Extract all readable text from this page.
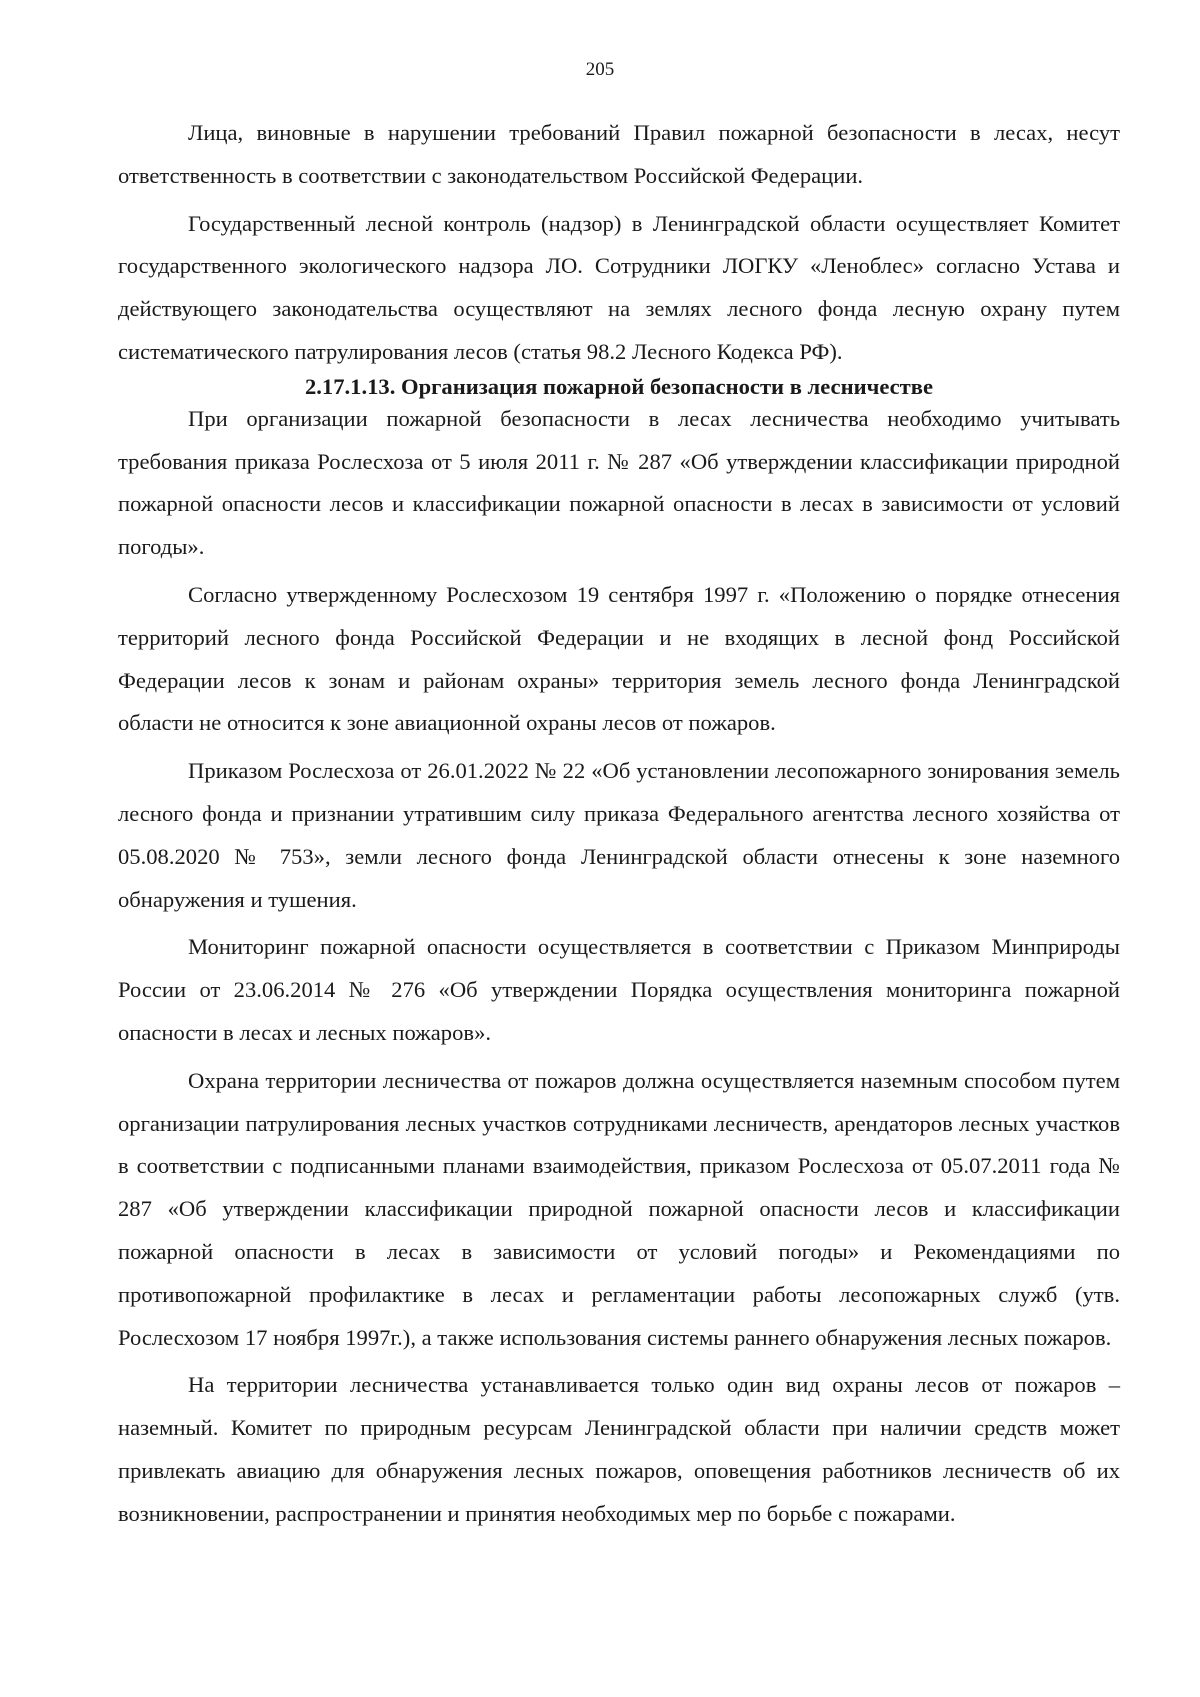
205

Лица, виновные в нарушении требований Правил пожарной безопасности в лесах, несут ответственность в соответствии с законодательством Российской Федерации.

Государственный лесной контроль (надзор) в Ленинградской области осуществляет Комитет государственного экологического надзора ЛО. Сотрудники ЛОГКУ «Леноблес» согласно Устава и действующего законодательства осуществляют на землях лесного фонда лесную охрану путем систематического патрулирования лесов (статья 98.2 Лесного Кодекса РФ).

2.17.1.13. Организация пожарной безопасности в лесничестве

При организации пожарной безопасности в лесах лесничества необходимо учитывать требования приказа Рослесхоза от 5 июля 2011 г. № 287 «Об утверждении классификации природной пожарной опасности лесов и классификации пожарной опасности в лесах в зависимости от условий погоды».

Согласно утвержденному Рослесхозом 19 сентября 1997 г. «Положению о порядке отнесения территорий лесного фонда Российской Федерации и не входящих в лесной фонд Российской Федерации лесов к зонам и районам охраны» территория земель лесного фонда Ленинградской области не относится к зоне авиационной охраны лесов от пожаров.

Приказом Рослесхоза от 26.01.2022 № 22 «Об установлении лесопожарного зонирования земель лесного фонда и признании утратившим силу приказа Федерального агентства лесного хозяйства от 05.08.2020 № 753», земли лесного фонда Ленинградской области отнесены к зоне наземного обнаружения и тушения.

Мониторинг пожарной опасности осуществляется в соответствии с Приказом Минприроды России от 23.06.2014 № 276 «Об утверждении Порядка осуществления мониторинга пожарной опасности в лесах и лесных пожаров».

Охрана территории лесничества от пожаров должна осуществляется наземным способом путем организации патрулирования лесных участков сотрудниками лесничеств, арендаторов лесных участков в соответствии с подписанными планами взаимодействия, приказом Рослесхоза от 05.07.2011 года № 287 «Об утверждении классификации природной пожарной опасности лесов и классификации пожарной опасности в лесах в зависимости от условий погоды» и Рекомендациями по противопожарной профилактике в лесах и регламентации работы лесопожарных служб (утв. Рослесхозом 17 ноября 1997г.), а также использования системы раннего обнаружения лесных пожаров.

На территории лесничества устанавливается только один вид охраны лесов от пожаров – наземный. Комитет по природным ресурсам Ленинградской области при наличии средств может привлекать авиацию для обнаружения лесных пожаров, оповещения работников лесничеств об их возникновении, распространении и принятия необходимых мер по борьбе с пожарами.
